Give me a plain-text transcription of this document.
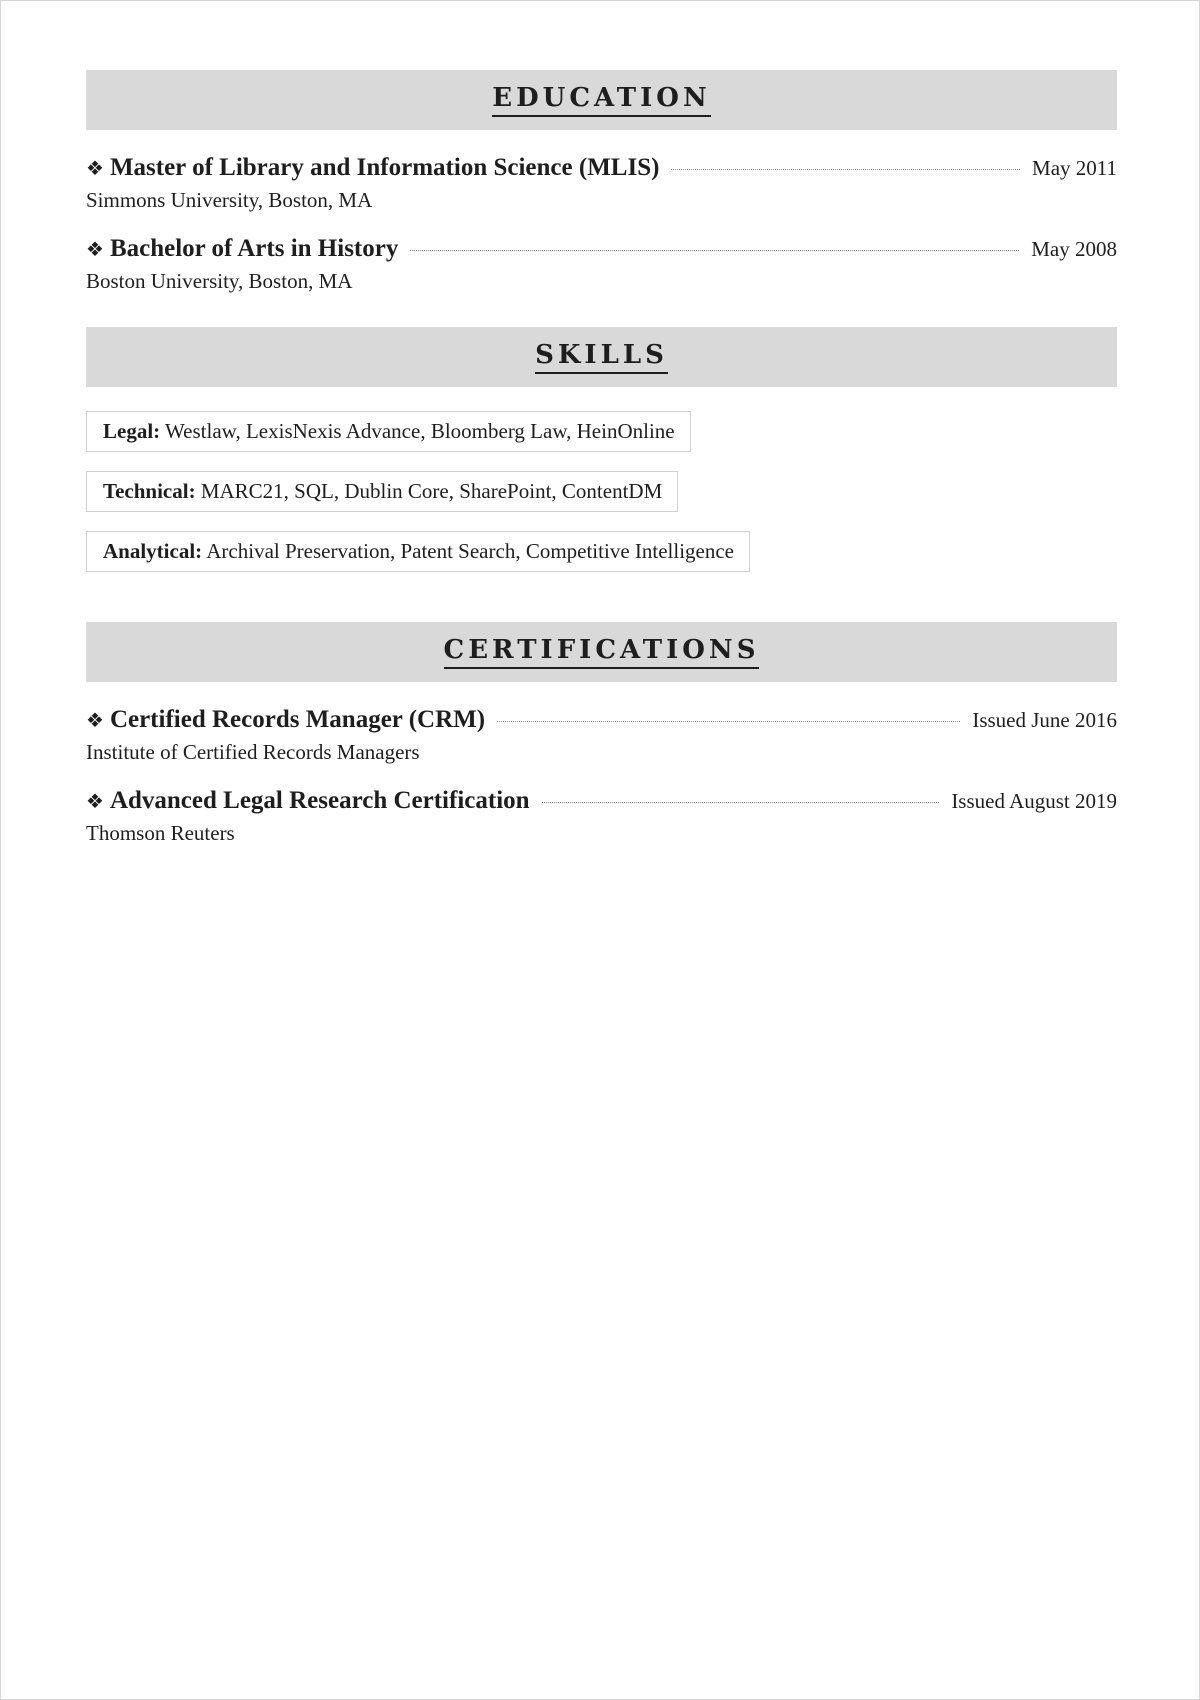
EDUCATION
❖ Master of Library and Information Science (MLIS)	May 2011
Simmons University, Boston, MA
❖ Bachelor of Arts in History	May 2008
Boston University, Boston, MA
SKILLS
Legal: Westlaw, LexisNexis Advance, Bloomberg Law, HeinOnline
Technical: MARC21, SQL, Dublin Core, SharePoint, ContentDM
Analytical: Archival Preservation, Patent Search, Competitive Intelligence
CERTIFICATIONS
❖ Certified Records Manager (CRM)	Issued June 2016
Institute of Certified Records Managers
❖ Advanced Legal Research Certification	Issued August 2019
Thomson Reuters
